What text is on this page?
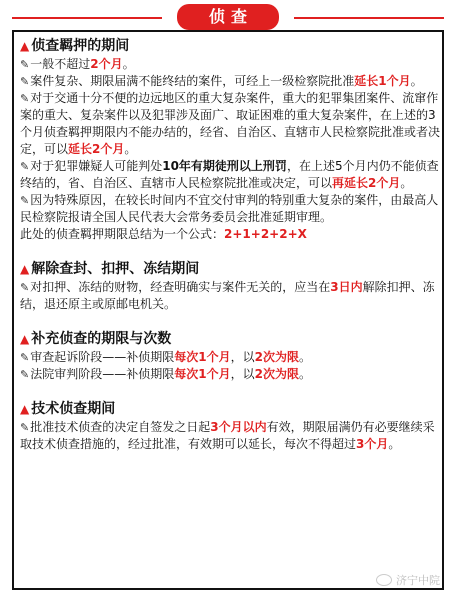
侦查
▲ 侦查羁押的期间

✎一般不超过2个月。

✎案件复杂、期限届满不能终结的案件，可经上一级检察院批准延长1个月。

✎对于交通十分不便的边远地区的重大复杂案件，重大的犯罪集团案件、流窜作案的重大、复杂案件以及犯罪涉及面广、取证困难的重大复杂案件，在上述的3个月侦查羁押期限内不能办结的，经省、自治区、直辖市人民检察院批准或者决定，可以延长2个月。

✎对于犯罪嫌疑人可能判处10年有期徒刑以上刑罚，在上述5个月内仍不能侦查终结的，省、自治区、直辖市人民检察院批准或决定，可以再延长2个月。

✎因为特殊原因，在较长时间内不宜交付审判的特别重大复杂的案件，由最高人民检察院报请全国人民代表大会常务委员会批准延期审理。

此处的侦查羁押期限总结为一个公式：2+1+2+2+X

▲ 解除查封、扣押、冻结期间

✎对扣押、冻结的财物，经查明确实与案件无关的，应当在3日内解除扣押、冻结，退还原主或原邮电机关。

▲ 补充侦查的期限与次数

✎审查起诉阶段——补侦期限每次1个月，以2次为限。

✎法院审判阶段——补侦期限每次1个月，以2次为限。

▲ 技术侦查期间

✎批准技术侦查的决定自签发之日起3个月以内有效，期限届满仍有必要继续采取技术侦查措施的，经过批准，有效期可以延长，每次不得超过3个月。

济宁中院
